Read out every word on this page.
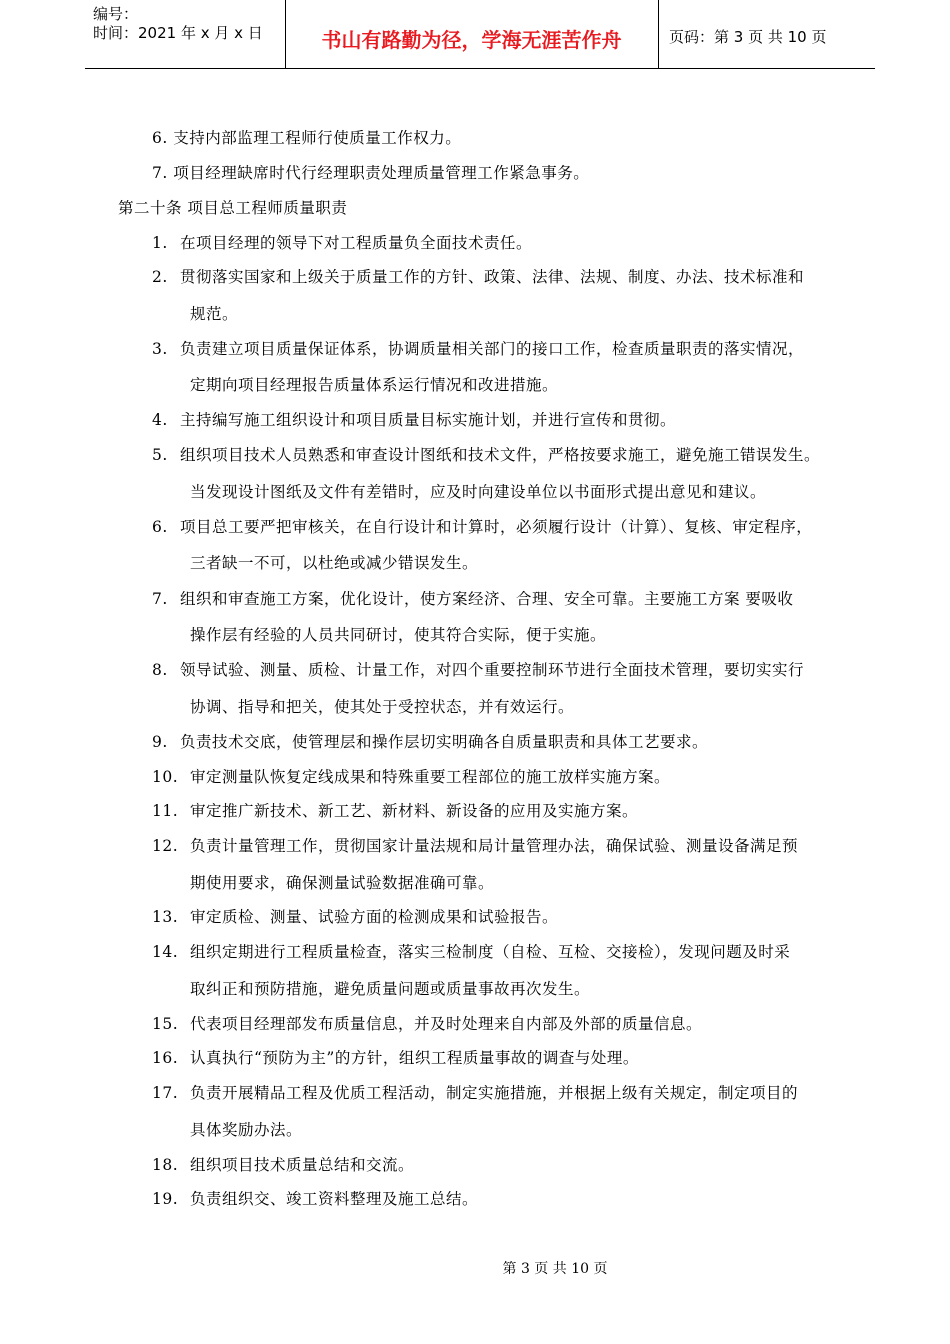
编号：
时间：2021 年 x 月 x 日	书山有路勤为径，学海无涯苦作舟	页码：第 3 页 共 10 页
6. 支持内部监理工程师行使质量工作权力。
7. 项目经理缺席时代行经理职责处理质量管理工作紧急事务。
第二十条 项目总工程师质量职责
1. 在项目经理的领导下对工程质量负全面技术责任。
2. 贯彻落实国家和上级关于质量工作的方针、政策、法律、法规、制度、办法、技术标准和
规范。
3. 负责建立项目质量保证体系，协调质量相关部门的接口工作，检查质量职责的落实情况，
定期向项目经理报告质量体系运行情况和改进措施。
4. 主持编写施工组织设计和项目质量目标实施计划，并进行宣传和贯彻。
5. 组织项目技术人员熟悉和审查设计图纸和技术文件，严格按要求施工，避免施工错误发生。
当发现设计图纸及文件有差错时，应及时向建设单位以书面形式提出意见和建议。
6. 项目总工要严把审核关，在自行设计和计算时，必须履行设计（计算）、复核、审定程序，
三者缺一不可，以杜绝或减少错误发生。
7. 组织和审查施工方案，优化设计，使方案经济、合理、安全可靠。主要施工方案 要吸收
操作层有经验的人员共同研讨，使其符合实际，便于实施。
8. 领导试验、测量、质检、计量工作，对四个重要控制环节进行全面技术管理，要切实实行
协调、指导和把关，使其处于受控状态，并有效运行。
9. 负责技术交底，使管理层和操作层切实明确各自质量职责和具体工艺要求。
10. 审定测量队恢复定线成果和特殊重要工程部位的施工放样实施方案。
11. 审定推广新技术、新工艺、新材料、新设备的应用及实施方案。
12. 负责计量管理工作，贯彻国家计量法规和局计量管理办法，确保试验、测量设备满足预
期使用要求，确保测量试验数据准确可靠。
13. 审定质检、测量、试验方面的检测成果和试验报告。
14. 组织定期进行工程质量检查，落实三检制度（自检、互检、交接检），发现问题及时采
取纠正和预防措施，避免质量问题或质量事故再次发生。
15. 代表项目经理部发布质量信息，并及时处理来自内部及外部的质量信息。
16. 认真执行“预防为主”的方针，组织工程质量事故的调查与处理。
17. 负责开展精品工程及优质工程活动，制定实施措施，并根据上级有关规定，制定项目的
具体奖励办法。
18. 组织项目技术质量总结和交流。
19. 负责组织交、竣工资料整理及施工总结。
第 3 页 共 10 页
